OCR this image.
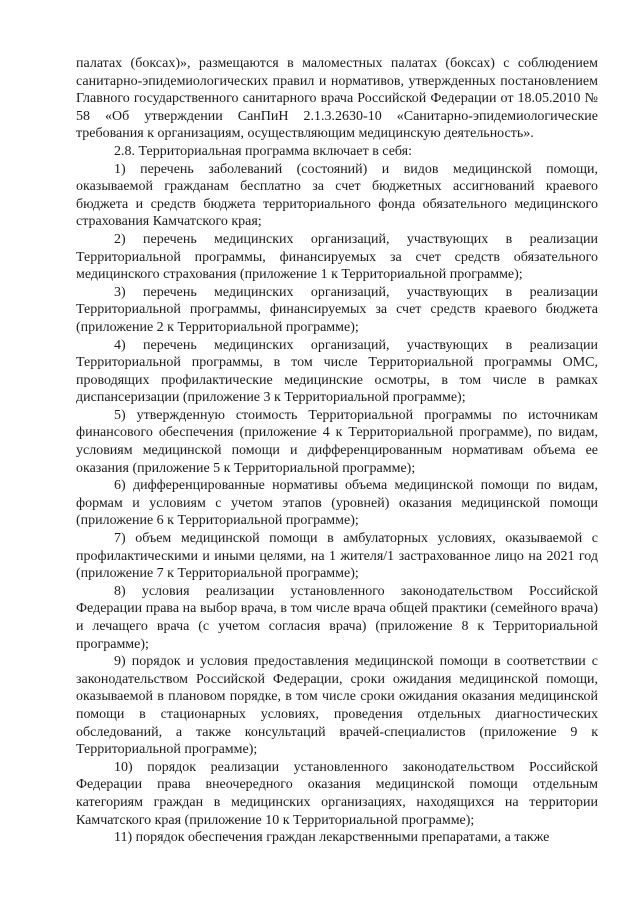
палатах (боксах)», размещаются в маломестных палатах (боксах) с соблюдением санитарно-эпидемиологических правил и нормативов, утвержденных постановлением Главного государственного санитарного врача Российской Федерации от 18.05.2010 № 58 «Об утверждении СанПиН 2.1.3.2630-10 «Санитарно-эпидемиологические требования к организациям, осуществляющим медицинскую деятельность».

2.8. Территориальная программа включает в себя:

1) перечень заболеваний (состояний) и видов медицинской помощи, оказываемой гражданам бесплатно за счет бюджетных ассигнований краевого бюджета и средств бюджета территориального фонда обязательного медицинского страхования Камчатского края;

2) перечень медицинских организаций, участвующих в реализации Территориальной программы, финансируемых за счет средств обязательного медицинского страхования (приложение 1 к Территориальной программе);

3) перечень медицинских организаций, участвующих в реализации Территориальной программы, финансируемых за счет средств краевого бюджета (приложение 2 к Территориальной программе);

4) перечень медицинских организаций, участвующих в реализации Территориальной программы, в том числе Территориальной программы ОМС, проводящих профилактические медицинские осмотры, в том числе в рамках диспансеризации (приложение 3 к Территориальной программе);

5) утвержденную стоимость Территориальной программы по источникам финансового обеспечения (приложение 4 к Территориальной программе), по видам, условиям медицинской помощи и дифференцированным нормативам объема ее оказания (приложение 5 к Территориальной программе);

6) дифференцированные нормативы объема медицинской помощи по видам, формам и условиям с учетом этапов (уровней) оказания медицинской помощи (приложение 6 к Территориальной программе);

7) объем медицинской помощи в амбулаторных условиях, оказываемой с профилактическими и иными целями, на 1 жителя/1 застрахованное лицо на 2021 год (приложение 7 к Территориальной программе);

8) условия реализации установленного законодательством Российской Федерации права на выбор врача, в том числе врача общей практики (семейного врача) и лечащего врача (с учетом согласия врача) (приложение 8 к Территориальной программе);

9) порядок и условия предоставления медицинской помощи в соответствии с законодательством Российской Федерации, сроки ожидания медицинской помощи, оказываемой в плановом порядке, в том числе сроки ожидания оказания медицинской помощи в стационарных условиях, проведения отдельных диагностических обследований, а также консультаций врачей-специалистов (приложение 9 к Территориальной программе);

10) порядок реализации установленного законодательством Российской Федерации права внеочередного оказания медицинской помощи отдельным категориям граждан в медицинских организациях, находящихся на территории Камчатского края (приложение 10 к Территориальной программе);

11) порядок обеспечения граждан лекарственными препаратами, а также
